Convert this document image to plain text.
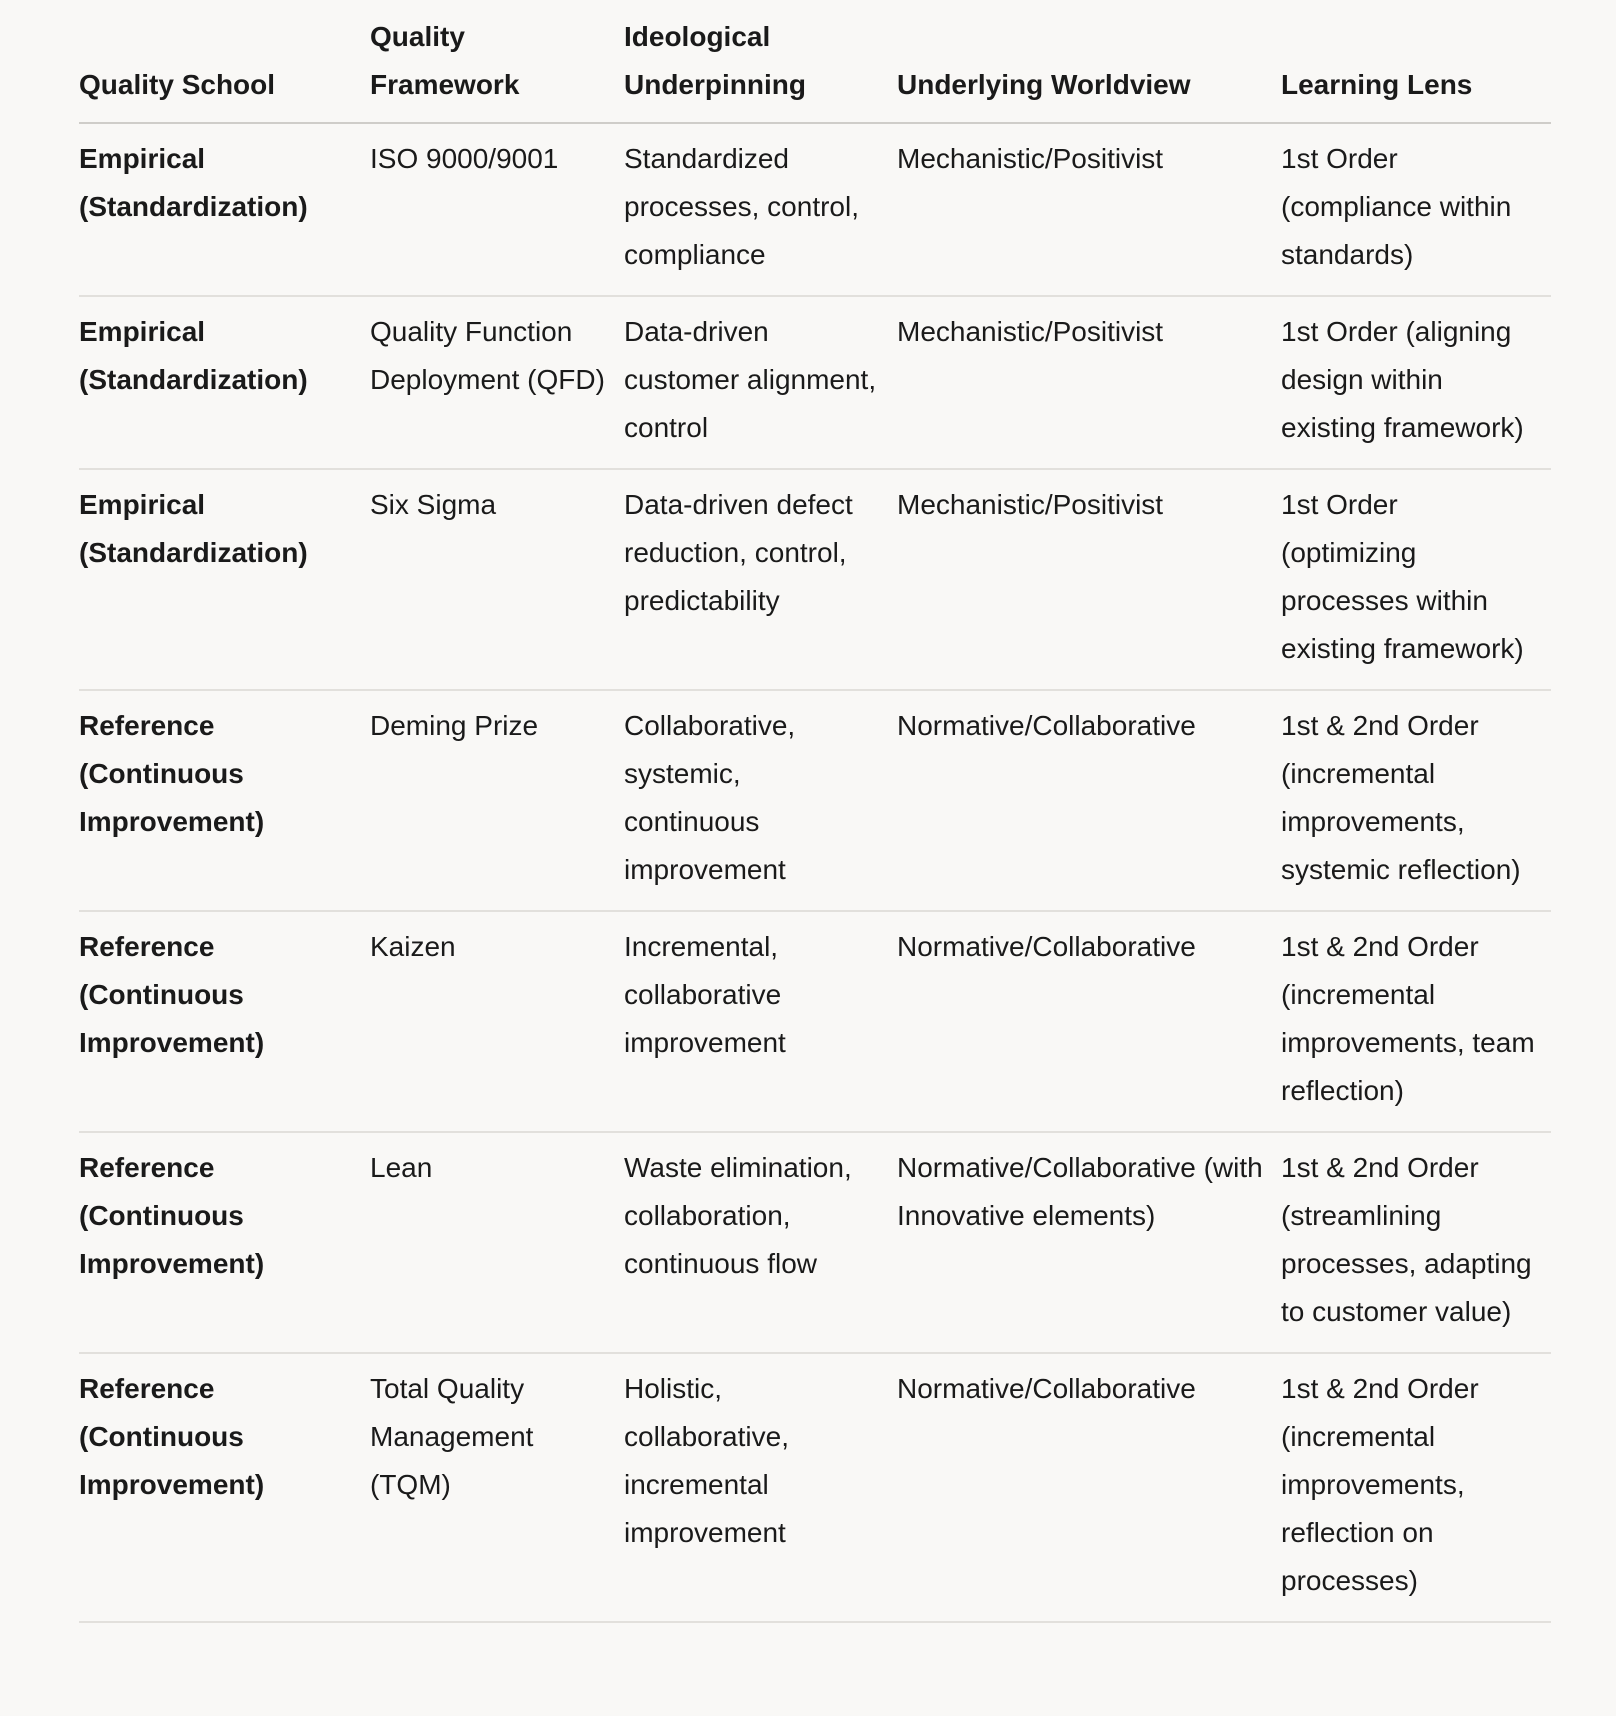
Quality School	Quality Framework	Ideological Underpinning	Underlying Worldview	Learning Lens

Empirical (Standardization)	ISO 9000/9001	Standardized processes, control, compliance	Mechanistic/Positivist	1st Order (compliance within standards)

Empirical (Standardization)	Quality Function Deployment (QFD)	Data-driven customer alignment, control	Mechanistic/Positivist	1st Order (aligning design within existing framework)

Empirical (Standardization)	Six Sigma	Data-driven defect reduction, control, predictability	Mechanistic/Positivist	1st Order (optimizing processes within existing framework)

Reference (Continuous Improvement)	Deming Prize	Collaborative, systemic, continuous improvement	Normative/Collaborative	1st & 2nd Order (incremental improvements, systemic reflection)

Reference (Continuous Improvement)	Kaizen	Incremental, collaborative improvement	Normative/Collaborative	1st & 2nd Order (incremental improvements, team reflection)

Reference (Continuous Improvement)	Lean	Waste elimination, collaboration, continuous flow	Normative/Collaborative (with Innovative elements)	1st & 2nd Order (streamlining processes, adapting to customer value)

Reference (Continuous Improvement)	Total Quality Management (TQM)	Holistic, collaborative, incremental improvement	Normative/Collaborative	1st & 2nd Order (incremental improvements, reflection on processes)
